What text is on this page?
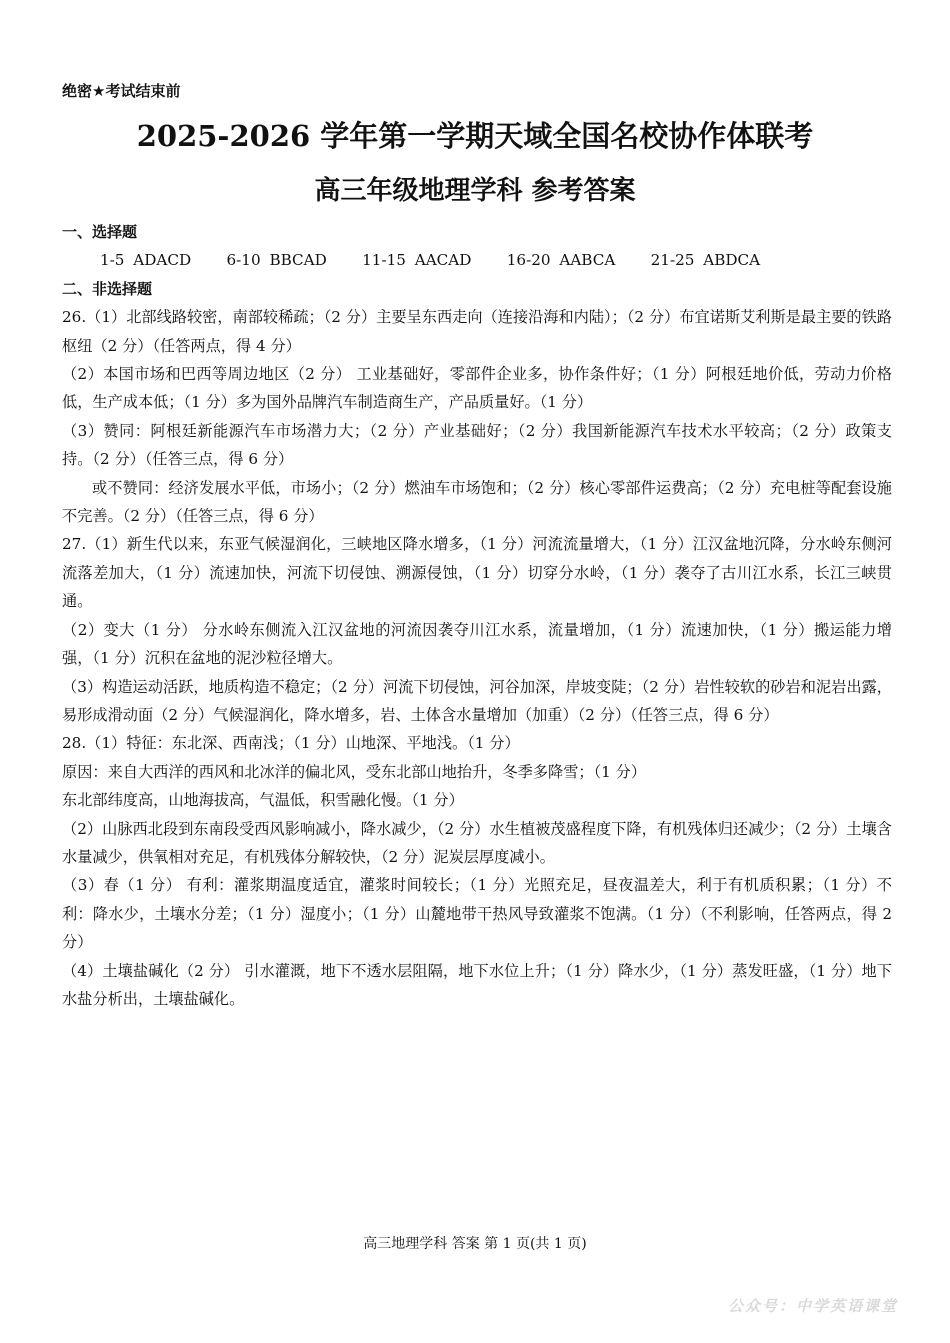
绝密★考试结束前
2025-2026 学年第一学期天域全国名校协作体联考
高三年级地理学科 参考答案
一、选择题
1-5 ADACD    6-10 BBCAD    11-15 AACAD    16-20 AABCA    21-25 ABDCA
二、非选择题

26.（1）北部线路较密，南部较稀疏；（2 分）主要呈东西走向（连接沿海和内陆）；（2 分）布宜诺斯艾利斯是最主要的铁路枢纽（2 分）（任答两点，得 4 分）

（2）本国市场和巴西等周边地区（2 分） 工业基础好，零部件企业多，协作条件好；（1 分）阿根廷地价低，劳动力价格低，生产成本低；（1 分）多为国外品牌汽车制造商生产，产品质量好。（1 分）

（3）赞同：阿根廷新能源汽车市场潜力大；（2 分）产业基础好；（2 分）我国新能源汽车技术水平较高；（2 分）政策支持。（2 分）（任答三点，得 6 分）

或不赞同：经济发展水平低，市场小；（2 分）燃油车市场饱和；（2 分）核心零部件运费高；（2 分）充电桩等配套设施不完善。（2 分）（任答三点，得 6 分）

27.（1）新生代以来，东亚气候湿润化，三峡地区降水增多，（1 分）河流流量增大，（1 分）江汉盆地沉降，分水岭东侧河流落差加大，（1 分）流速加快，河流下切侵蚀、溯源侵蚀，（1 分）切穿分水岭，（1 分）袭夺了古川江水系，长江三峡贯通。

（2）变大（1 分） 分水岭东侧流入江汉盆地的河流因袭夺川江水系，流量增加，（1 分）流速加快，（1 分）搬运能力增强，（1 分）沉积在盆地的泥沙粒径增大。

（3）构造运动活跃，地质构造不稳定；（2 分）河流下切侵蚀，河谷加深，岸坡变陡；（2 分）岩性较软的砂岩和泥岩出露，易形成滑动面（2 分）气候湿润化，降水增多，岩、土体含水量增加（加重）（2 分）（任答三点，得 6 分）

28.（1）特征：东北深、西南浅；（1 分）山地深、平地浅。（1 分）

原因：来自大西洋的西风和北冰洋的偏北风，受东北部山地抬升，冬季多降雪；（1 分）

东北部纬度高，山地海拔高，气温低，积雪融化慢。（1 分）

（2）山脉西北段到东南段受西风影响减小，降水减少，（2 分）水生植被茂盛程度下降，有机残体归还减少；（2 分）土壤含水量减少，供氧相对充足，有机残体分解较快，（2 分）泥炭层厚度减小。

（3）春（1 分） 有利：灌浆期温度适宜，灌浆时间较长；（1 分）光照充足，昼夜温差大，利于有机质积累；（1 分）不利：降水少，土壤水分差；（1 分）湿度小；（1 分）山麓地带干热风导致灌浆不饱满。（1 分）（不利影响，任答两点，得 2 分）

（4）土壤盐碱化（2 分） 引水灌溉，地下不透水层阻隔，地下水位上升；（1 分）降水少，（1 分）蒸发旺盛，（1 分）地下水盐分析出，土壤盐碱化。

高三地理学科 答案 第 1 页(共 1 页)
公众号：中学英语课堂
